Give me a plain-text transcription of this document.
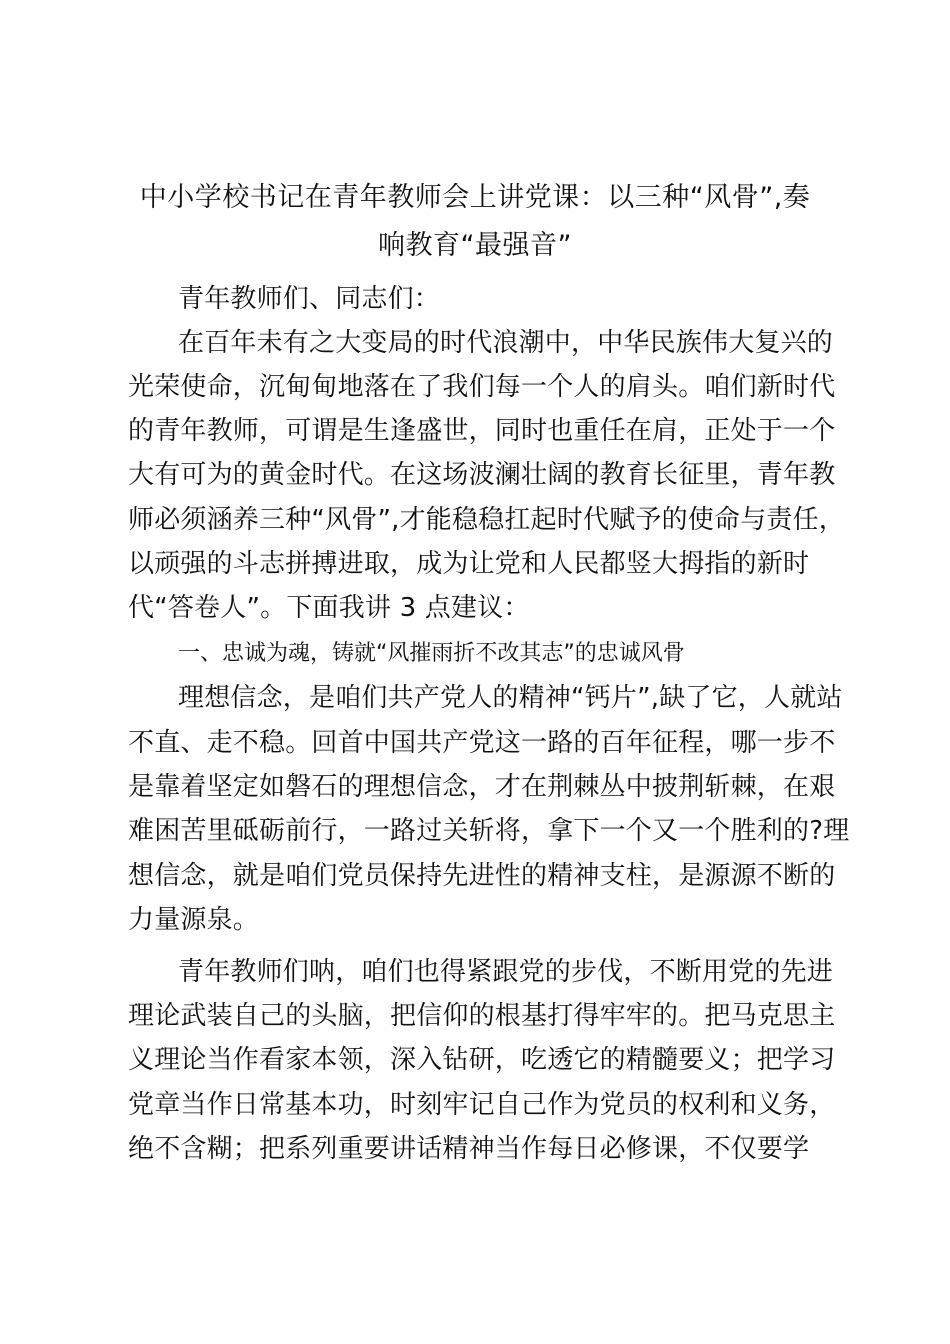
中小学校书记在青年教师会上讲党课：以三种“风骨”,奏
响教育“最强音”
青年教师们、同志们：
在百年未有之大变局的时代浪潮中，中华民族伟大复兴的
光荣使命，沉甸甸地落在了我们每一个人的肩头。咱们新时代
的青年教师，可谓是生逢盛世，同时也重任在肩，正处于一个
大有可为的黄金时代。在这场波澜壮阔的教育长征里，青年教
师必须涵养三种“风骨”,才能稳稳扛起时代赋予的使命与责任，
以顽强的斗志拼搏进取，成为让党和人民都竖大拇指的新时
代“答卷人”。下面我讲 3 点建议：
一、忠诚为魂，铸就“风摧雨折不改其志”的忠诚风骨
理想信念，是咱们共产党人的精神“钙片”,缺了它，人就站
不直、走不稳。回首中国共产党这一路的百年征程，哪一步不
是靠着坚定如磐石的理想信念，才在荆棘丛中披荆斩棘，在艰
难困苦里砥砺前行，一路过关斩将，拿下一个又一个胜利的?理
想信念，就是咱们党员保持先进性的精神支柱，是源源不断的
力量源泉。
青年教师们呐，咱们也得紧跟党的步伐，不断用党的先进
理论武装自己的头脑，把信仰的根基打得牢牢的。把马克思主
义理论当作看家本领，深入钻研，吃透它的精髓要义；把学习
党章当作日常基本功，时刻牢记自己作为党员的权利和义务，
绝不含糊；把系列重要讲话精神当作每日必修课，不仅要学
